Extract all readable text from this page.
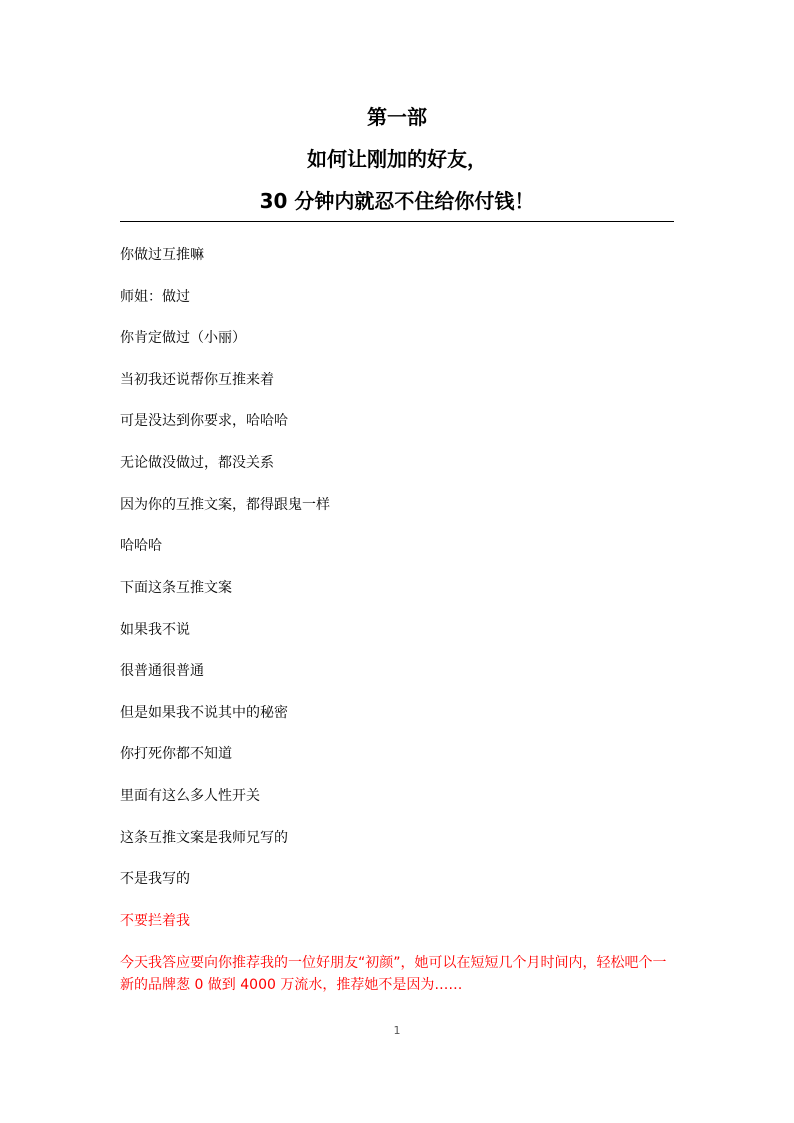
第一部
如何让刚加的好友，
30 分钟内就忍不住给你付钱！
你做过互推嘛
师姐：做过
你肯定做过（小丽）
当初我还说帮你互推来着
可是没达到你要求，哈哈哈
无论做没做过，都没关系
因为你的互推文案，都得跟鬼一样
哈哈哈
下面这条互推文案
如果我不说
很普通很普通
但是如果我不说其中的秘密
你打死你都不知道
里面有这么多人性开关
这条互推文案是我师兄写的
不是我写的
不要拦着我
今天我答应要向你推荐我的一位好朋友“初颜”，她可以在短短几个月时间内，轻松吧个一新的品牌葱 0 做到 4000 万流水，推荐她不是因为……
1
